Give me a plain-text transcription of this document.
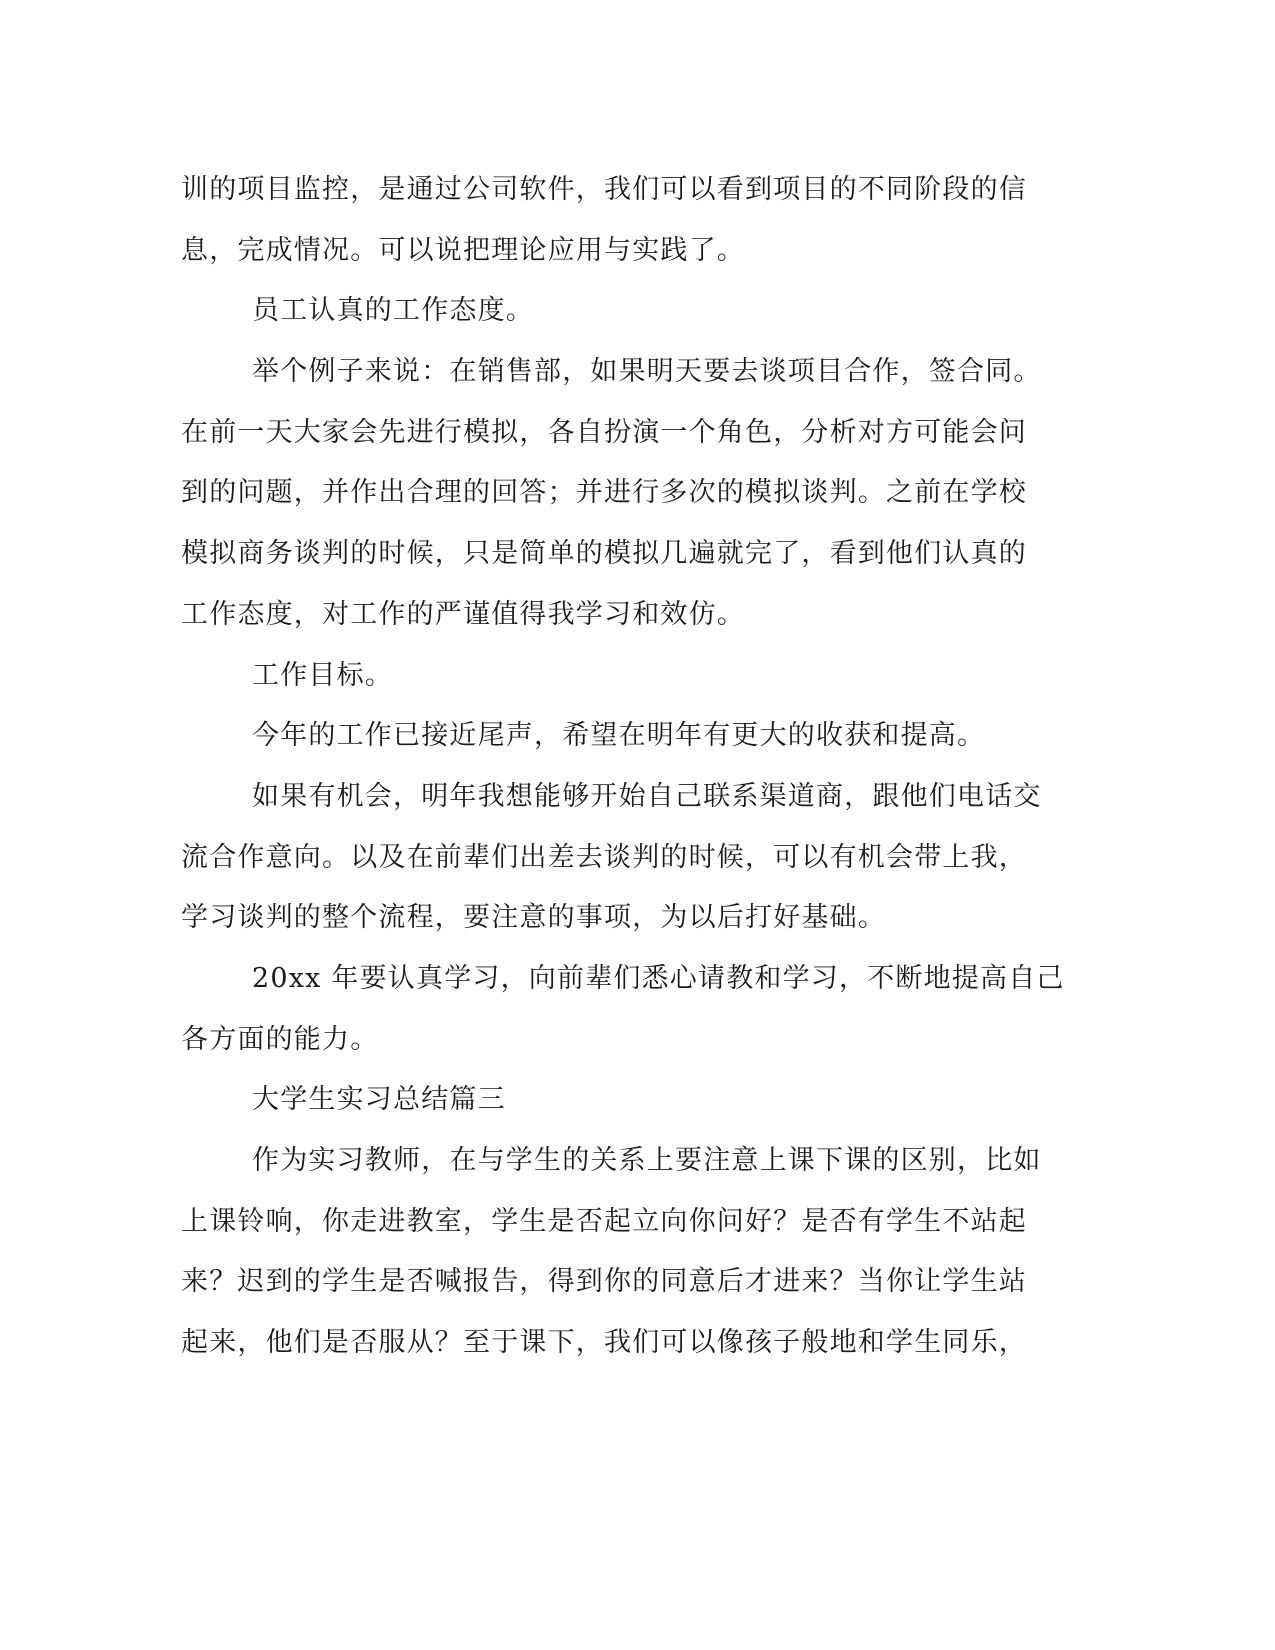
训的项目监控，是通过公司软件，我们可以看到项目的不同阶段的信
息，完成情况。可以说把理论应用与实践了。
员工认真的工作态度。
举个例子来说：在销售部，如果明天要去谈项目合作，签合同。
在前一天大家会先进行模拟，各自扮演一个角色，分析对方可能会问
到的问题，并作出合理的回答；并进行多次的模拟谈判。之前在学校
模拟商务谈判的时候，只是简单的模拟几遍就完了，看到他们认真的
工作态度，对工作的严谨值得我学习和效仿。
工作目标。
今年的工作已接近尾声，希望在明年有更大的收获和提高。
如果有机会，明年我想能够开始自己联系渠道商，跟他们电话交
流合作意向。以及在前辈们出差去谈判的时候，可以有机会带上我，
学习谈判的整个流程，要注意的事项，为以后打好基础。
20xx 年要认真学习，向前辈们悉心请教和学习，不断地提高自己
各方面的能力。
大学生实习总结篇三
作为实习教师，在与学生的关系上要注意上课下课的区别，比如
上课铃响，你走进教室，学生是否起立向你问好？是否有学生不站起
来？迟到的学生是否喊报告，得到你的同意后才进来？当你让学生站
起来，他们是否服从？至于课下，我们可以像孩子般地和学生同乐，
